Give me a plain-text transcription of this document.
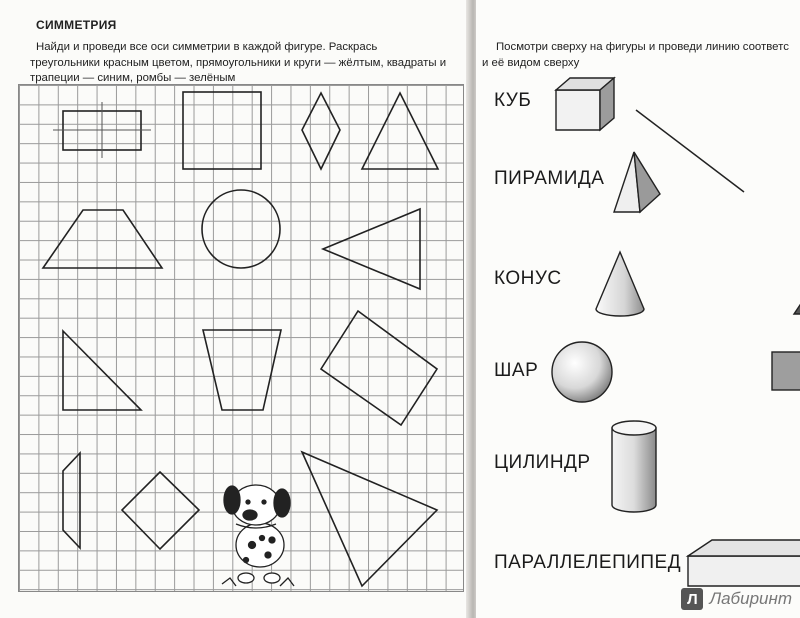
СИММЕТРИЯ
Найди и проведи все оси симметрии в каждой фигуре. Раскрась треугольники красным цветом, прямоугольники и круги — жёлтым, квадраты и трапеции — синим, ромбы — зелёным
Посмотри сверху на фигуры и проведи линию соответс
и её видом сверху
КУБ
ПИРАМИДА
КОНУС
ШАР
ЦИЛИНДР
ПАРАЛЛЕЛЕПИПЕД
Л Лабиринт
